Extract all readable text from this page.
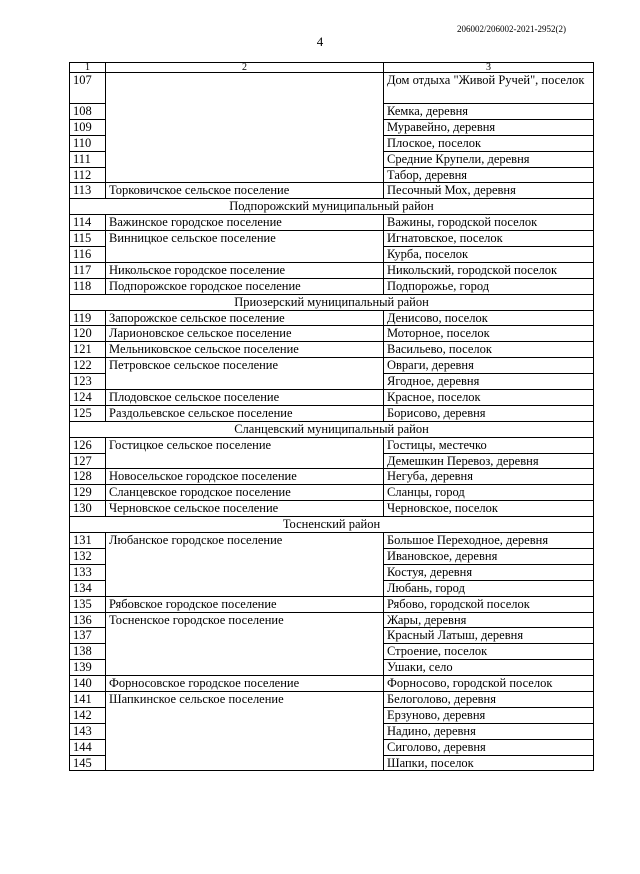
206002/206002-2021-2952(2)
4
1	2	3
107		Дом отдыха "Живой Ручей", поселок
108		Кемка, деревня
109		Муравейно, деревня
110		Плоское, поселок
111		Средние Крупели, деревня
112		Табор, деревня
113	Торковичское сельское поселение	Песочный Мох, деревня
Подпорожский муниципальный район		
114	Важинское городское поселение	Важины, городской поселок
115	Винницкое сельское поселение	Игнатовское, поселок
116		Курба, поселок
117	Никольское городское поселение	Никольский, городской поселок
118	Подпорожское городское поселение	Подпорожье, город
Приозерский муниципальный район		
119	Запорожское сельское поселение	Денисово, поселок
120	Ларионовское сельское поселение	Моторное, поселок
121	Мельниковское сельское поселение	Васильево, поселок
122	Петровское сельское поселение	Овраги, деревня
123		Ягодное, деревня
124	Плодовское сельское поселение	Красное, поселок
125	Раздольевское сельское поселение	Борисово, деревня
Сланцевский муниципальный район		
126	Гостицкое сельское поселение	Гостицы, местечко
127		Демешкин Перевоз, деревня
128	Новосельское городское поселение	Негуба, деревня
129	Сланцевское городское поселение	Сланцы, город
130	Черновское сельское поселение	Черновское, поселок
Тосненский район		
131	Любанское городское поселение	Большое Переходное, деревня
132		Ивановское, деревня
133		Костуя, деревня
134		Любань, город
135	Рябовское городское поселение	Рябово, городской поселок
136	Тосненское городское поселение	Жары, деревня
137		Красный Латыш, деревня
138		Строение, поселок
139		Ушаки, село
140	Форносовское городское поселение	Форносово, городской поселок
141	Шапкинское сельское поселение	Белоголово, деревня
142		Ерзуново, деревня
143		Надино, деревня
144		Сиголово, деревня
145		Шапки, поселок
